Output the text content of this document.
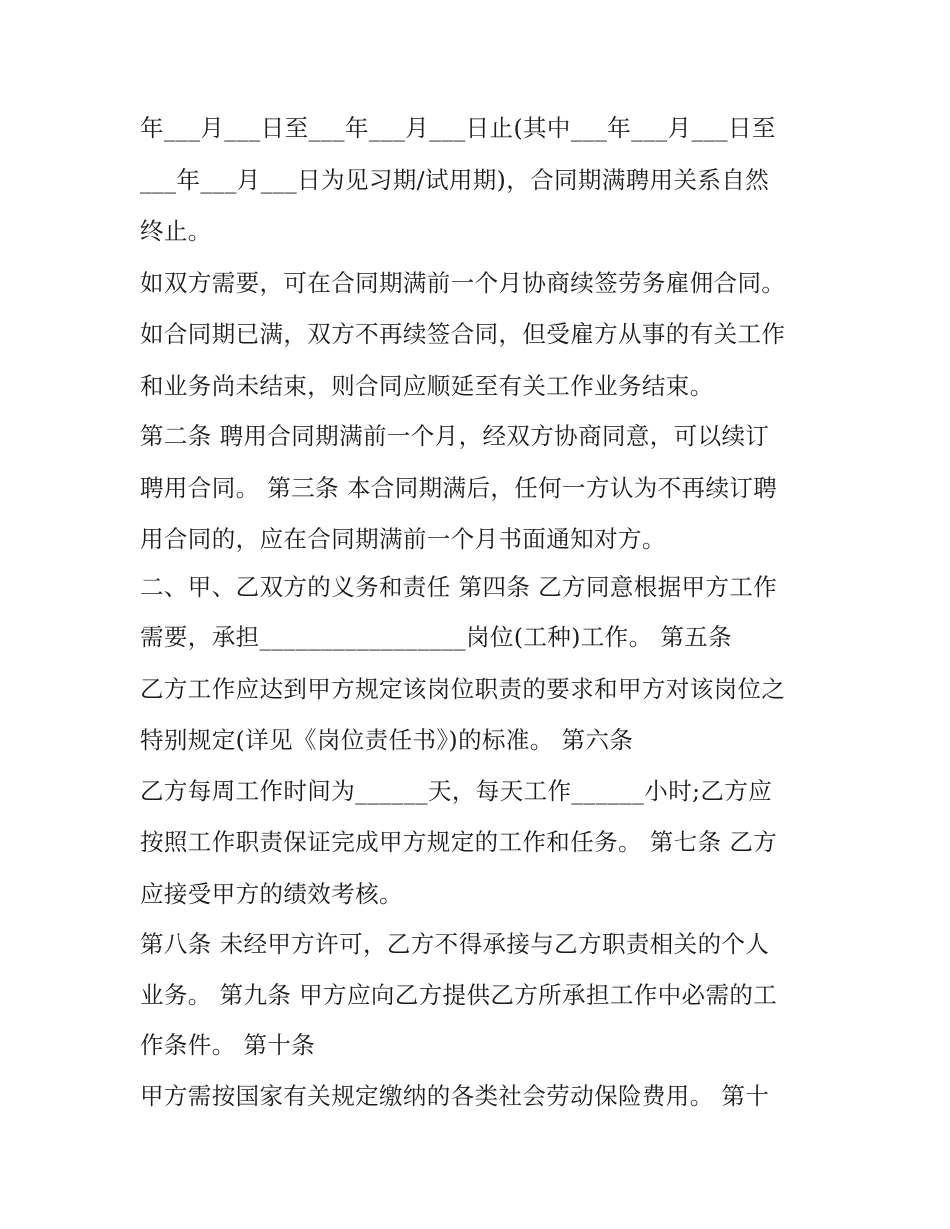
年___月___日至___年___月___日止(其中___年___月___日至
___年___月___日为见习期/试用期)，合同期满聘用关系自然
终止。
如双方需要，可在合同期满前一个月协商续签劳务雇佣合同。
如合同期已满，双方不再续签合同，但受雇方从事的有关工作
和业务尚未结束，则合同应顺延至有关工作业务结束。
第二条 聘用合同期满前一个月，经双方协商同意，可以续订
聘用合同。 第三条 本合同期满后，任何一方认为不再续订聘
用合同的，应在合同期满前一个月书面通知对方。
二、甲、乙双方的义务和责任 第四条 乙方同意根据甲方工作
需要，承担_________________岗位(工种)工作。 第五条
乙方工作应达到甲方规定该岗位职责的要求和甲方对该岗位之
特别规定(详见《岗位责任书》)的标准。 第六条
乙方每周工作时间为______天，每天工作______小时;乙方应
按照工作职责保证完成甲方规定的工作和任务。 第七条 乙方
应接受甲方的绩效考核。
第八条 未经甲方许可，乙方不得承接与乙方职责相关的个人
业务。 第九条 甲方应向乙方提供乙方所承担工作中必需的工
作条件。 第十条
甲方需按国家有关规定缴纳的各类社会劳动保险费用。 第十
